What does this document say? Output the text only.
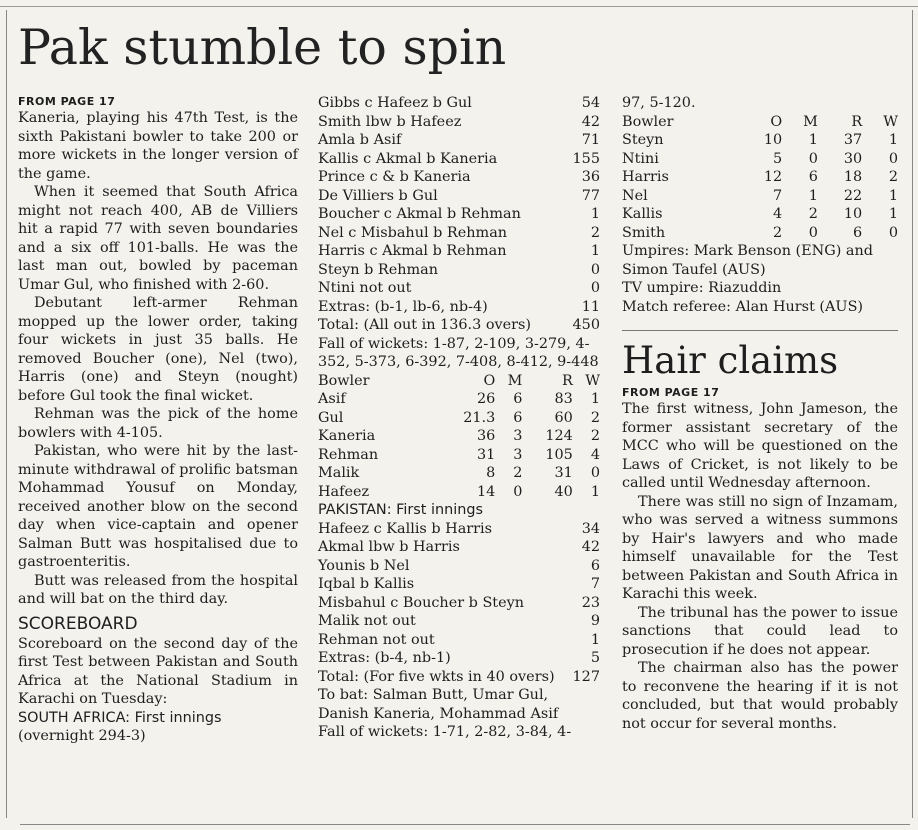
Pak stumble to spin
FROM PAGE 17

Kaneria, playing his 47th Test, is the sixth Pakistani bowler to take 200 or more wickets in the longer version of the game.

When it seemed that South Africa might not reach 400, AB de Villiers hit a rapid 77 with seven boundaries and a six off 101-balls. He was the last man out, bowled by paceman Umar Gul, who finished with 2-60.

Debutant left-armer Rehman mopped up the lower order, taking four wickets in just 35 balls. He removed Boucher (one), Nel (two), Harris (one) and Steyn (nought) before Gul took the final wicket.

Rehman was the pick of the home bowlers with 4-105.

Pakistan, who were hit by the last-minute withdrawal of prolific batsman Mohammad Yousuf on Monday, received another blow on the second day when vice-captain and opener Salman Butt was hospitalised due to gastroenteritis.

Butt was released from the hospital and will bat on the third day.

SCOREBOARD

Scoreboard on the second day of the first Test between Pakistan and South Africa at the National Stadium in Karachi on Tuesday:

SOUTH AFRICA: First innings
(overnight 294-3)
Gibbs c Hafeez b Gul	54
Smith lbw b Hafeez	42
Amla b Asif	71
Kallis c Akmal b Kaneria	155
Prince c & b Kaneria	36
De Villiers b Gul	77
Boucher c Akmal b Rehman	1
Nel c Misbahul b Rehman	2
Harris c Akmal b Rehman	1
Steyn b Rehman	0
Ntini not out	0
Extras: (b-1, lb-6, nb-4)	11
Total: (All out in 136.3 overs)	450
Fall of wickets: 1-87, 2-109, 3-279, 4-352, 5-373, 6-392, 7-408, 8-412, 9-448
Bowler	O	M	R	W
Asif	26	6	83	1
Gul	21.3	6	60	2
Kaneria	36	3	124	2
Rehman	31	3	105	4
Malik	8	2	31	0
Hafeez	14	0	40	1
PAKISTAN: First innings
Hafeez c Kallis b Harris	34
Akmal lbw b Harris	42
Younis b Nel	6
Iqbal b Kallis	7
Misbahul c Boucher b Steyn	23
Malik not out	9
Rehman not out	1
Extras: (b-4, nb-1)	5
Total: (For five wkts in 40 overs) 127
To bat: Salman Butt, Umar Gul, Danish Kaneria, Mohammad Asif
Fall of wickets: 1-71, 2-82, 3-84, 4-
97, 5-120.
Bowler	O	M	R	W
Steyn	10	1	37	1
Ntini	5	0	30	0
Harris	12	6	18	2
Nel	7	1	22	1
Kallis	4	2	10	1
Smith	2	0	6	0
Umpires: Mark Benson (ENG) and Simon Taufel (AUS)
TV umpire: Riazuddin
Match referee: Alan Hurst (AUS)
Hair claims
FROM PAGE 17

The first witness, John Jameson, the former assistant secretary of the MCC who will be questioned on the Laws of Cricket, is not likely to be called until Wednesday afternoon.

There was still no sign of Inzamam, who was served a witness summons by Hair's lawyers and who made himself unavailable for the Test between Pakistan and South Africa in Karachi this week.

The tribunal has the power to issue sanctions that could lead to prosecution if he does not appear.

The chairman also has the power to reconvene the hearing if it is not concluded, but that would probably not occur for several months.
